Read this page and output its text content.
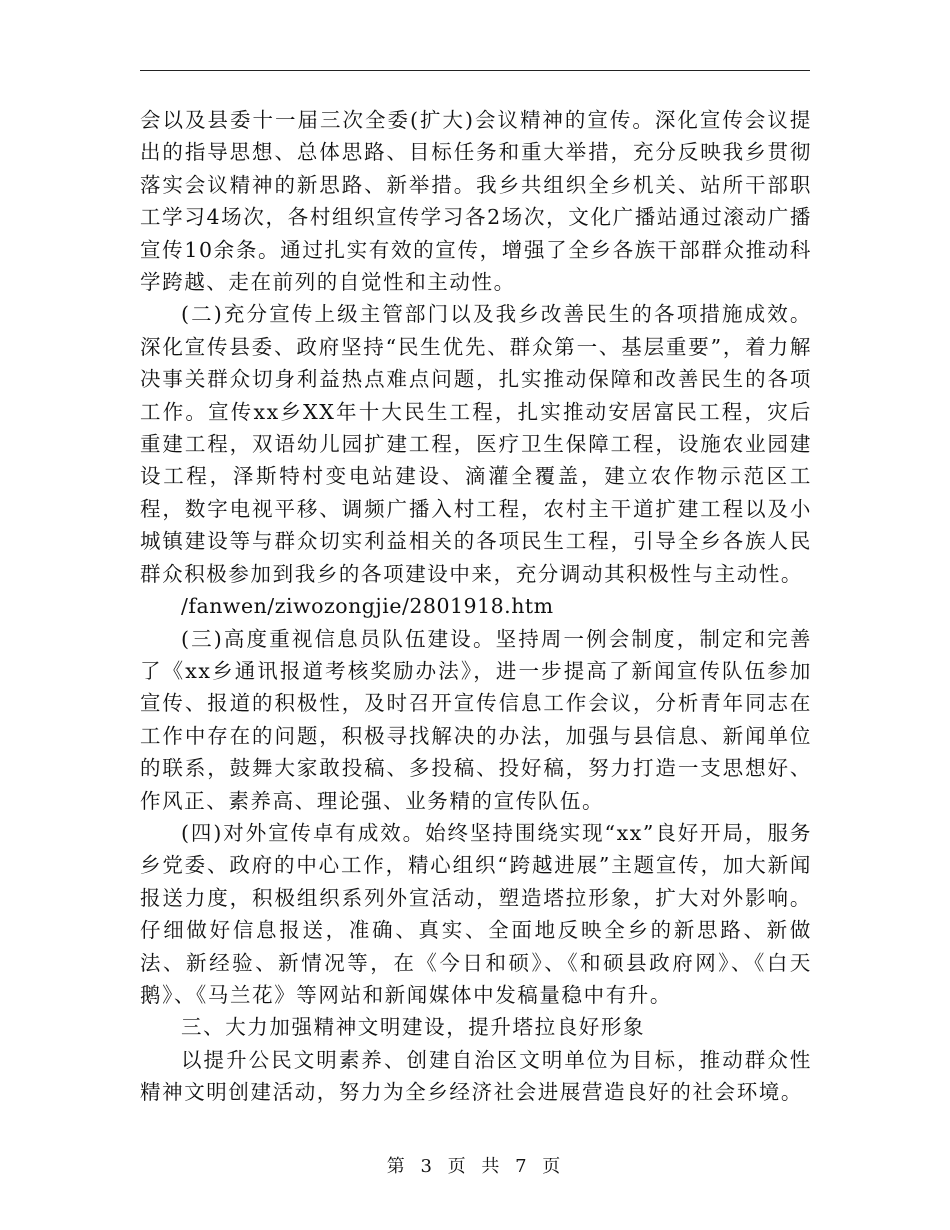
会以及县委十一届三次全委(扩大)会议精神的宣传。深化宣传会议提出的指导思想、总体思路、目标任务和重大举措，充分反映我乡贯彻落实会议精神的新思路、新举措。我乡共组织全乡机关、站所干部职工学习4场次，各村组织宣传学习各2场次，文化广播站通过滚动广播宣传10余条。通过扎实有效的宣传，增强了全乡各族干部群众推动科学跨越、走在前列的自觉性和主动性。

(二)充分宣传上级主管部门以及我乡改善民生的各项措施成效。深化宣传县委、政府坚持“民生优先、群众第一、基层重要”，着力解决事关群众切身利益热点难点问题，扎实推动保障和改善民生的各项工作。宣传xx乡XX年十大民生工程，扎实推动安居富民工程，灾后重建工程，双语幼儿园扩建工程，医疗卫生保障工程，设施农业园建设工程，泽斯特村变电站建设、滴灌全覆盖，建立农作物示范区工程，数字电视平移、调频广播入村工程，农村主干道扩建工程以及小城镇建设等与群众切实利益相关的各项民生工程，引导全乡各族人民群众积极参加到我乡的各项建设中来，充分调动其积极性与主动性。

/fanwen/ziwozongjie/2801918.htm

(三)高度重视信息员队伍建设。坚持周一例会制度，制定和完善了《xx乡通讯报道考核奖励办法》，进一步提高了新闻宣传队伍参加宣传、报道的积极性，及时召开宣传信息工作会议，分析青年同志在工作中存在的问题，积极寻找解决的办法，加强与县信息、新闻单位的联系，鼓舞大家敢投稿、多投稿、投好稿，努力打造一支思想好、作风正、素养高、理论强、业务精的宣传队伍。

(四)对外宣传卓有成效。始终坚持围绕实现“xx”良好开局，服务乡党委、政府的中心工作，精心组织“跨越进展”主题宣传，加大新闻报送力度，积极组织系列外宣活动，塑造塔拉形象，扩大对外影响。仔细做好信息报送，准确、真实、全面地反映全乡的新思路、新做法、新经验、新情况等，在《今日和硕》、《和硕县政府网》、《白天鹅》、《马兰花》等网站和新闻媒体中发稿量稳中有升。

三、大力加强精神文明建设，提升塔拉良好形象

以提升公民文明素养、创建自治区文明单位为目标，推动群众性精神文明创建活动，努力为全乡经济社会进展营造良好的社会环境。

第 3 页 共 7 页
